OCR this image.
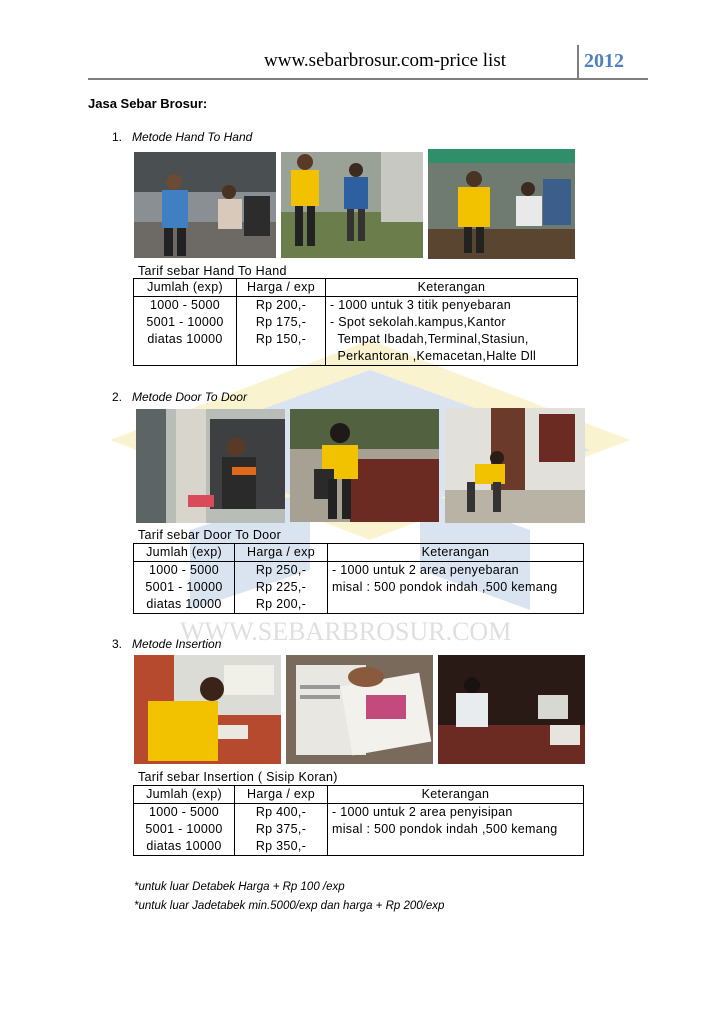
WWW.SEBARBROSUR.COM
www.sebarbrosur.com-price list	2012
Jasa Sebar Brosur:
1. Metode Hand To Hand
Tarif sebar Hand To Hand
Jumlah (exp)	Harga / exp	Keterangan
1000 - 5000	Rp 200,-	- 1000 untuk 3 titik penyebaran
5001 - 10000	Rp 175,-	- Spot sekolah.kampus,Kantor
diatas 10000	Rp 150,-	Tempat Ibadah,Terminal,Stasiun,
		Perkantoran ,Kemacetan,Halte Dll
2. Metode Door To Door
Tarif sebar Door To Door
Jumlah (exp)	Harga / exp	Keterangan
1000 - 5000	Rp 250,-	- 1000 untuk 2 area penyebaran
5001 - 10000	Rp 225,-	misal : 500 pondok indah ,500 kemang
diatas 10000	Rp 200,-	
3. Metode Insertion
Tarif sebar Insertion ( Sisip Koran)
Jumlah (exp)	Harga / exp	Keterangan
1000 - 5000	Rp 400,-	- 1000 untuk 2 area penyisipan
5001 - 10000	Rp 375,-	misal : 500 pondok indah ,500 kemang
diatas 10000	Rp 350,-	
*untuk luar Detabek Harga + Rp 100 /exp
*untuk luar Jadetabek min.5000/exp dan harga + Rp 200/exp
